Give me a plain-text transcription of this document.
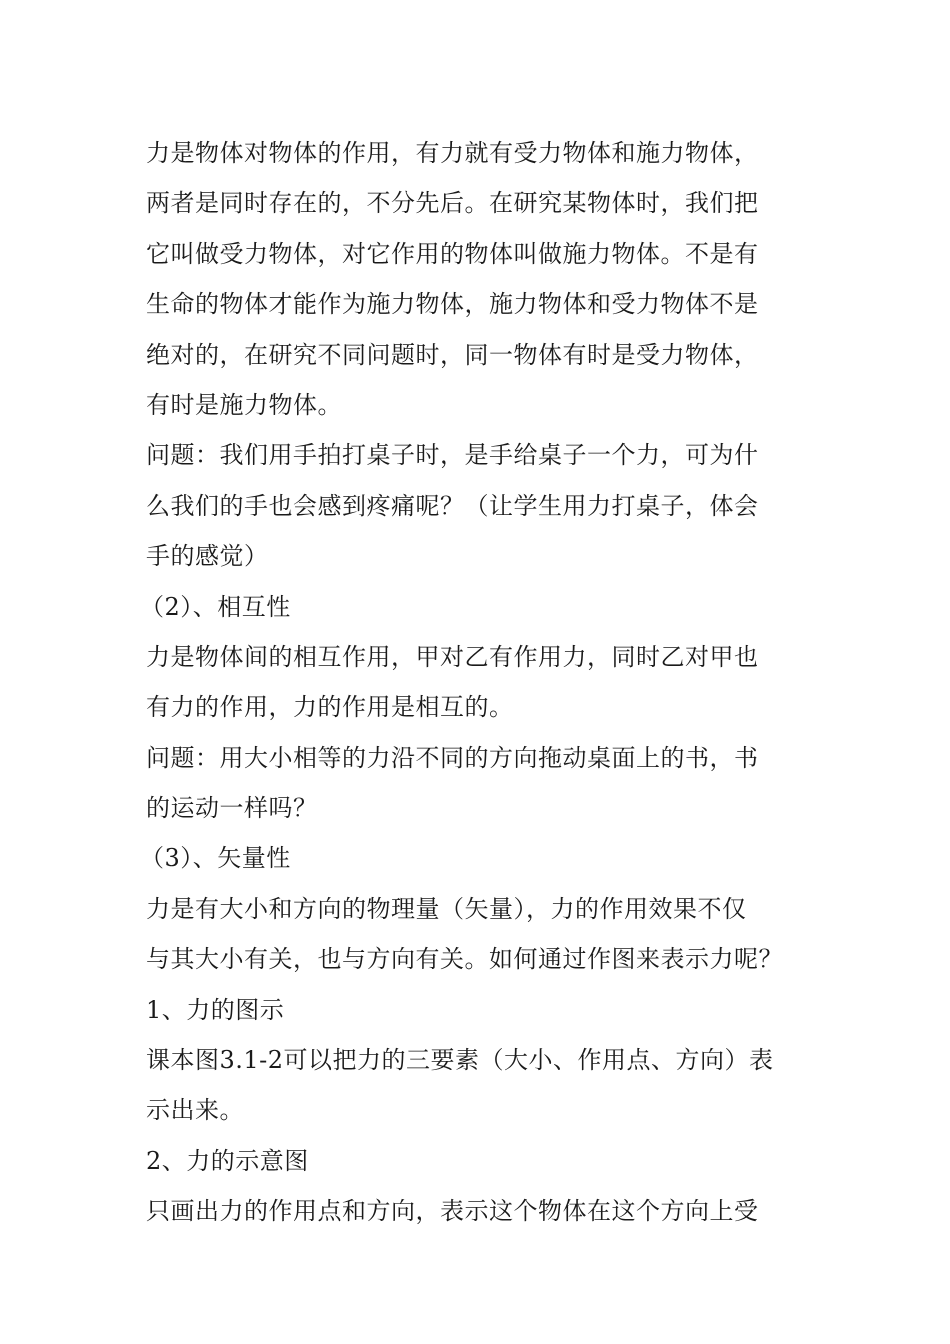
力是物体对物体的作用，有力就有受力物体和施力物体，
两者是同时存在的，不分先后。在研究某物体时，我们把
它叫做受力物体，对它作用的物体叫做施力物体。不是有
生命的物体才能作为施力物体，施力物体和受力物体不是
绝对的，在研究不同问题时，同一物体有时是受力物体，
有时是施力物体。
问题：我们用手拍打桌子时，是手给桌子一个力，可为什
么我们的手也会感到疼痛呢？（让学生用力打桌子，体会
手的感觉）
（2）、相互性
力是物体间的相互作用，甲对乙有作用力，同时乙对甲也
有力的作用，力的作用是相互的。
问题：用大小相等的力沿不同的方向拖动桌面上的书，书
的运动一样吗？
（3）、矢量性
力是有大小和方向的物理量（矢量），力的作用效果不仅
与其大小有关，也与方向有关。如何通过作图来表示力呢？
1、力的图示
课本图3.1-2可以把力的三要素（大小、作用点、方向）表
示出来。
2、力的示意图
只画出力的作用点和方向，表示这个物体在这个方向上受
